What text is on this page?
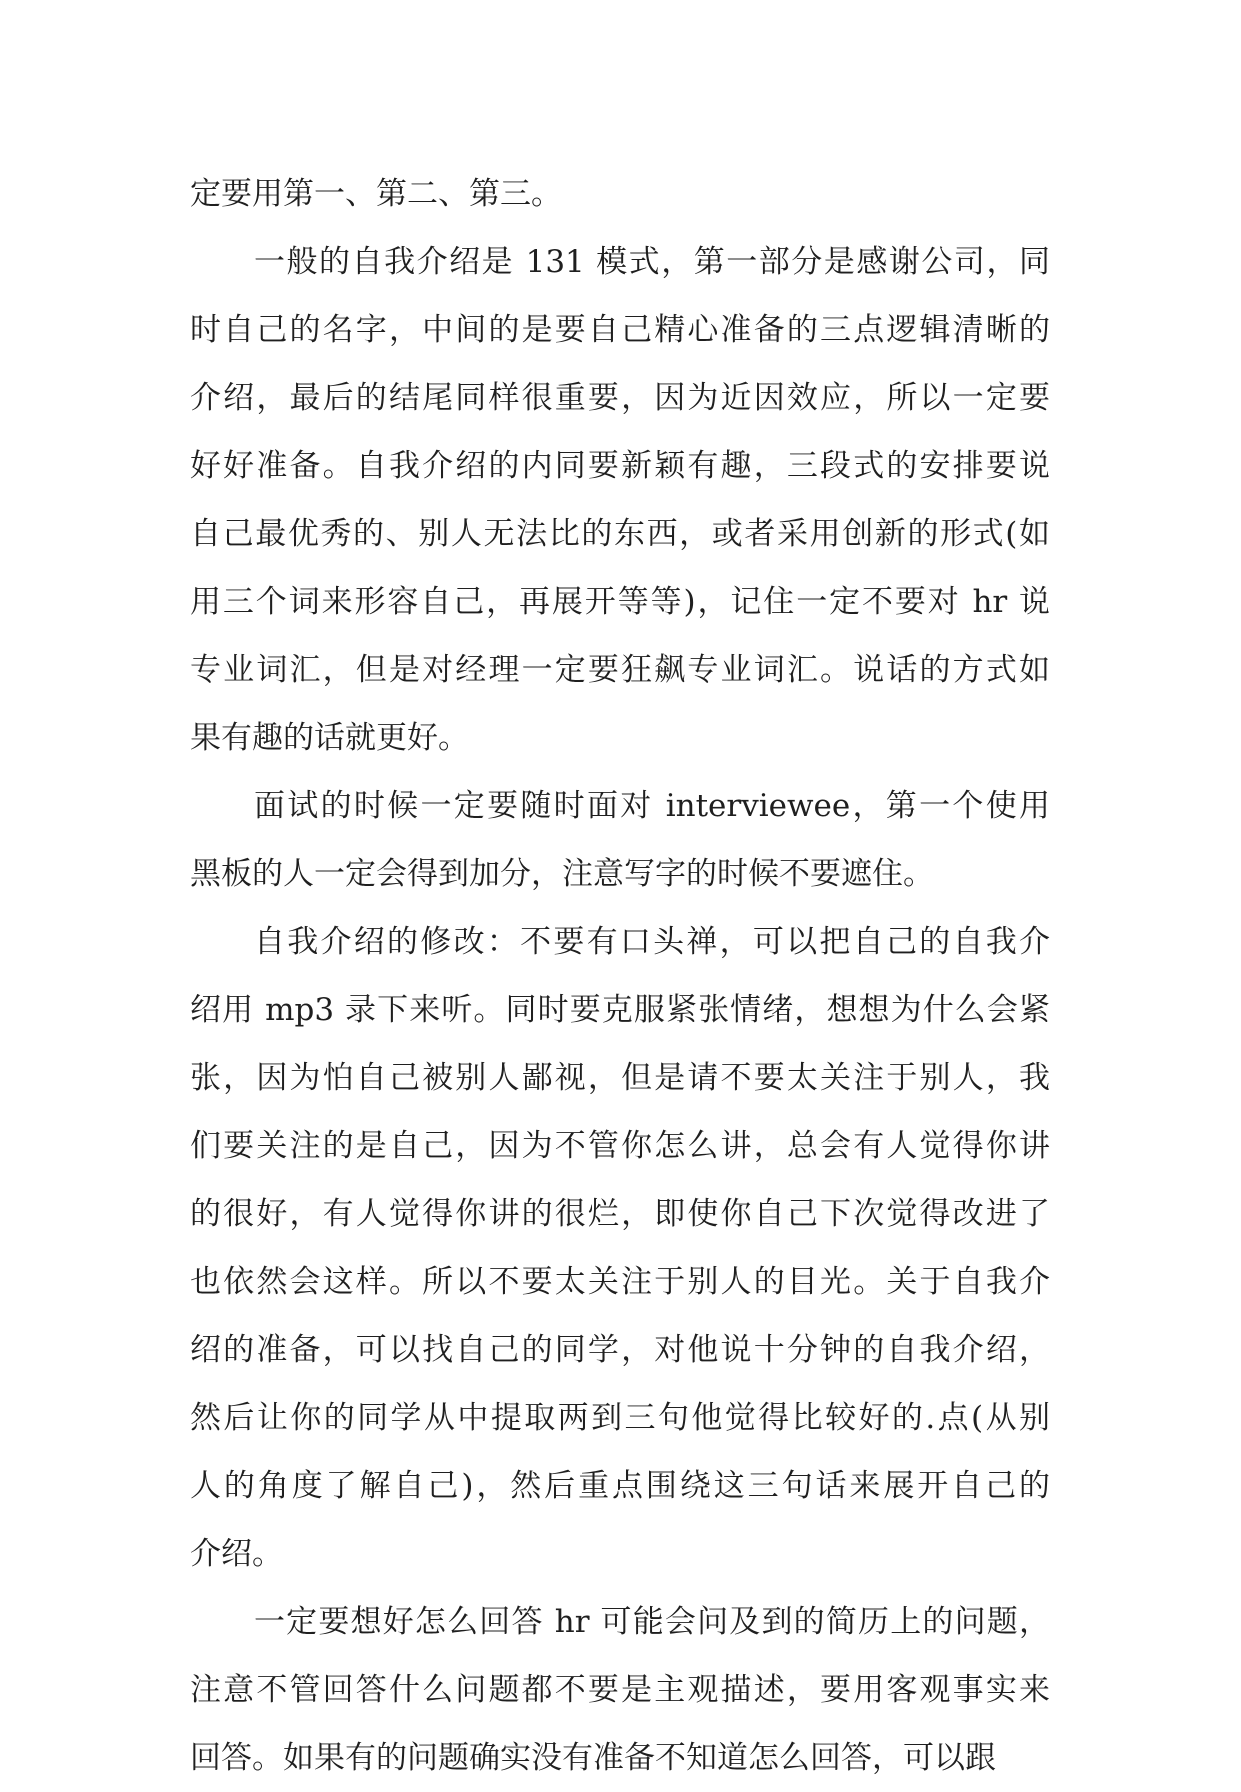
定要用第一、第二、第三。
一般的自我介绍是 131 模式，第一部分是感谢公司，同
时自己的名字，中间的是要自己精心准备的三点逻辑清晰的
介绍，最后的结尾同样很重要，因为近因效应，所以一定要
好好准备。自我介绍的内同要新颖有趣，三段式的安排要说
自己最优秀的、别人无法比的东西，或者采用创新的形式(如
用三个词来形容自己，再展开等等)，记住一定不要对 hr 说
专业词汇，但是对经理一定要狂飙专业词汇。说话的方式如
果有趣的话就更好。
面试的时候一定要随时面对 interviewee，第一个使用
黑板的人一定会得到加分，注意写字的时候不要遮住。
自我介绍的修改：不要有口头禅，可以把自己的自我介
绍用 mp3 录下来听。同时要克服紧张情绪，想想为什么会紧
张，因为怕自己被别人鄙视，但是请不要太关注于别人，我
们要关注的是自己，因为不管你怎么讲，总会有人觉得你讲
的很好，有人觉得你讲的很烂，即使你自己下次觉得改进了
也依然会这样。所以不要太关注于别人的目光。关于自我介
绍的准备，可以找自己的同学，对他说十分钟的自我介绍，
然后让你的同学从中提取两到三句他觉得比较好的.点(从别
人的角度了解自己)，然后重点围绕这三句话来展开自己的
介绍。
一定要想好怎么回答 hr 可能会问及到的简历上的问题，
注意不管回答什么问题都不要是主观描述，要用客观事实来
回答。如果有的问题确实没有准备不知道怎么回答，可以跟
